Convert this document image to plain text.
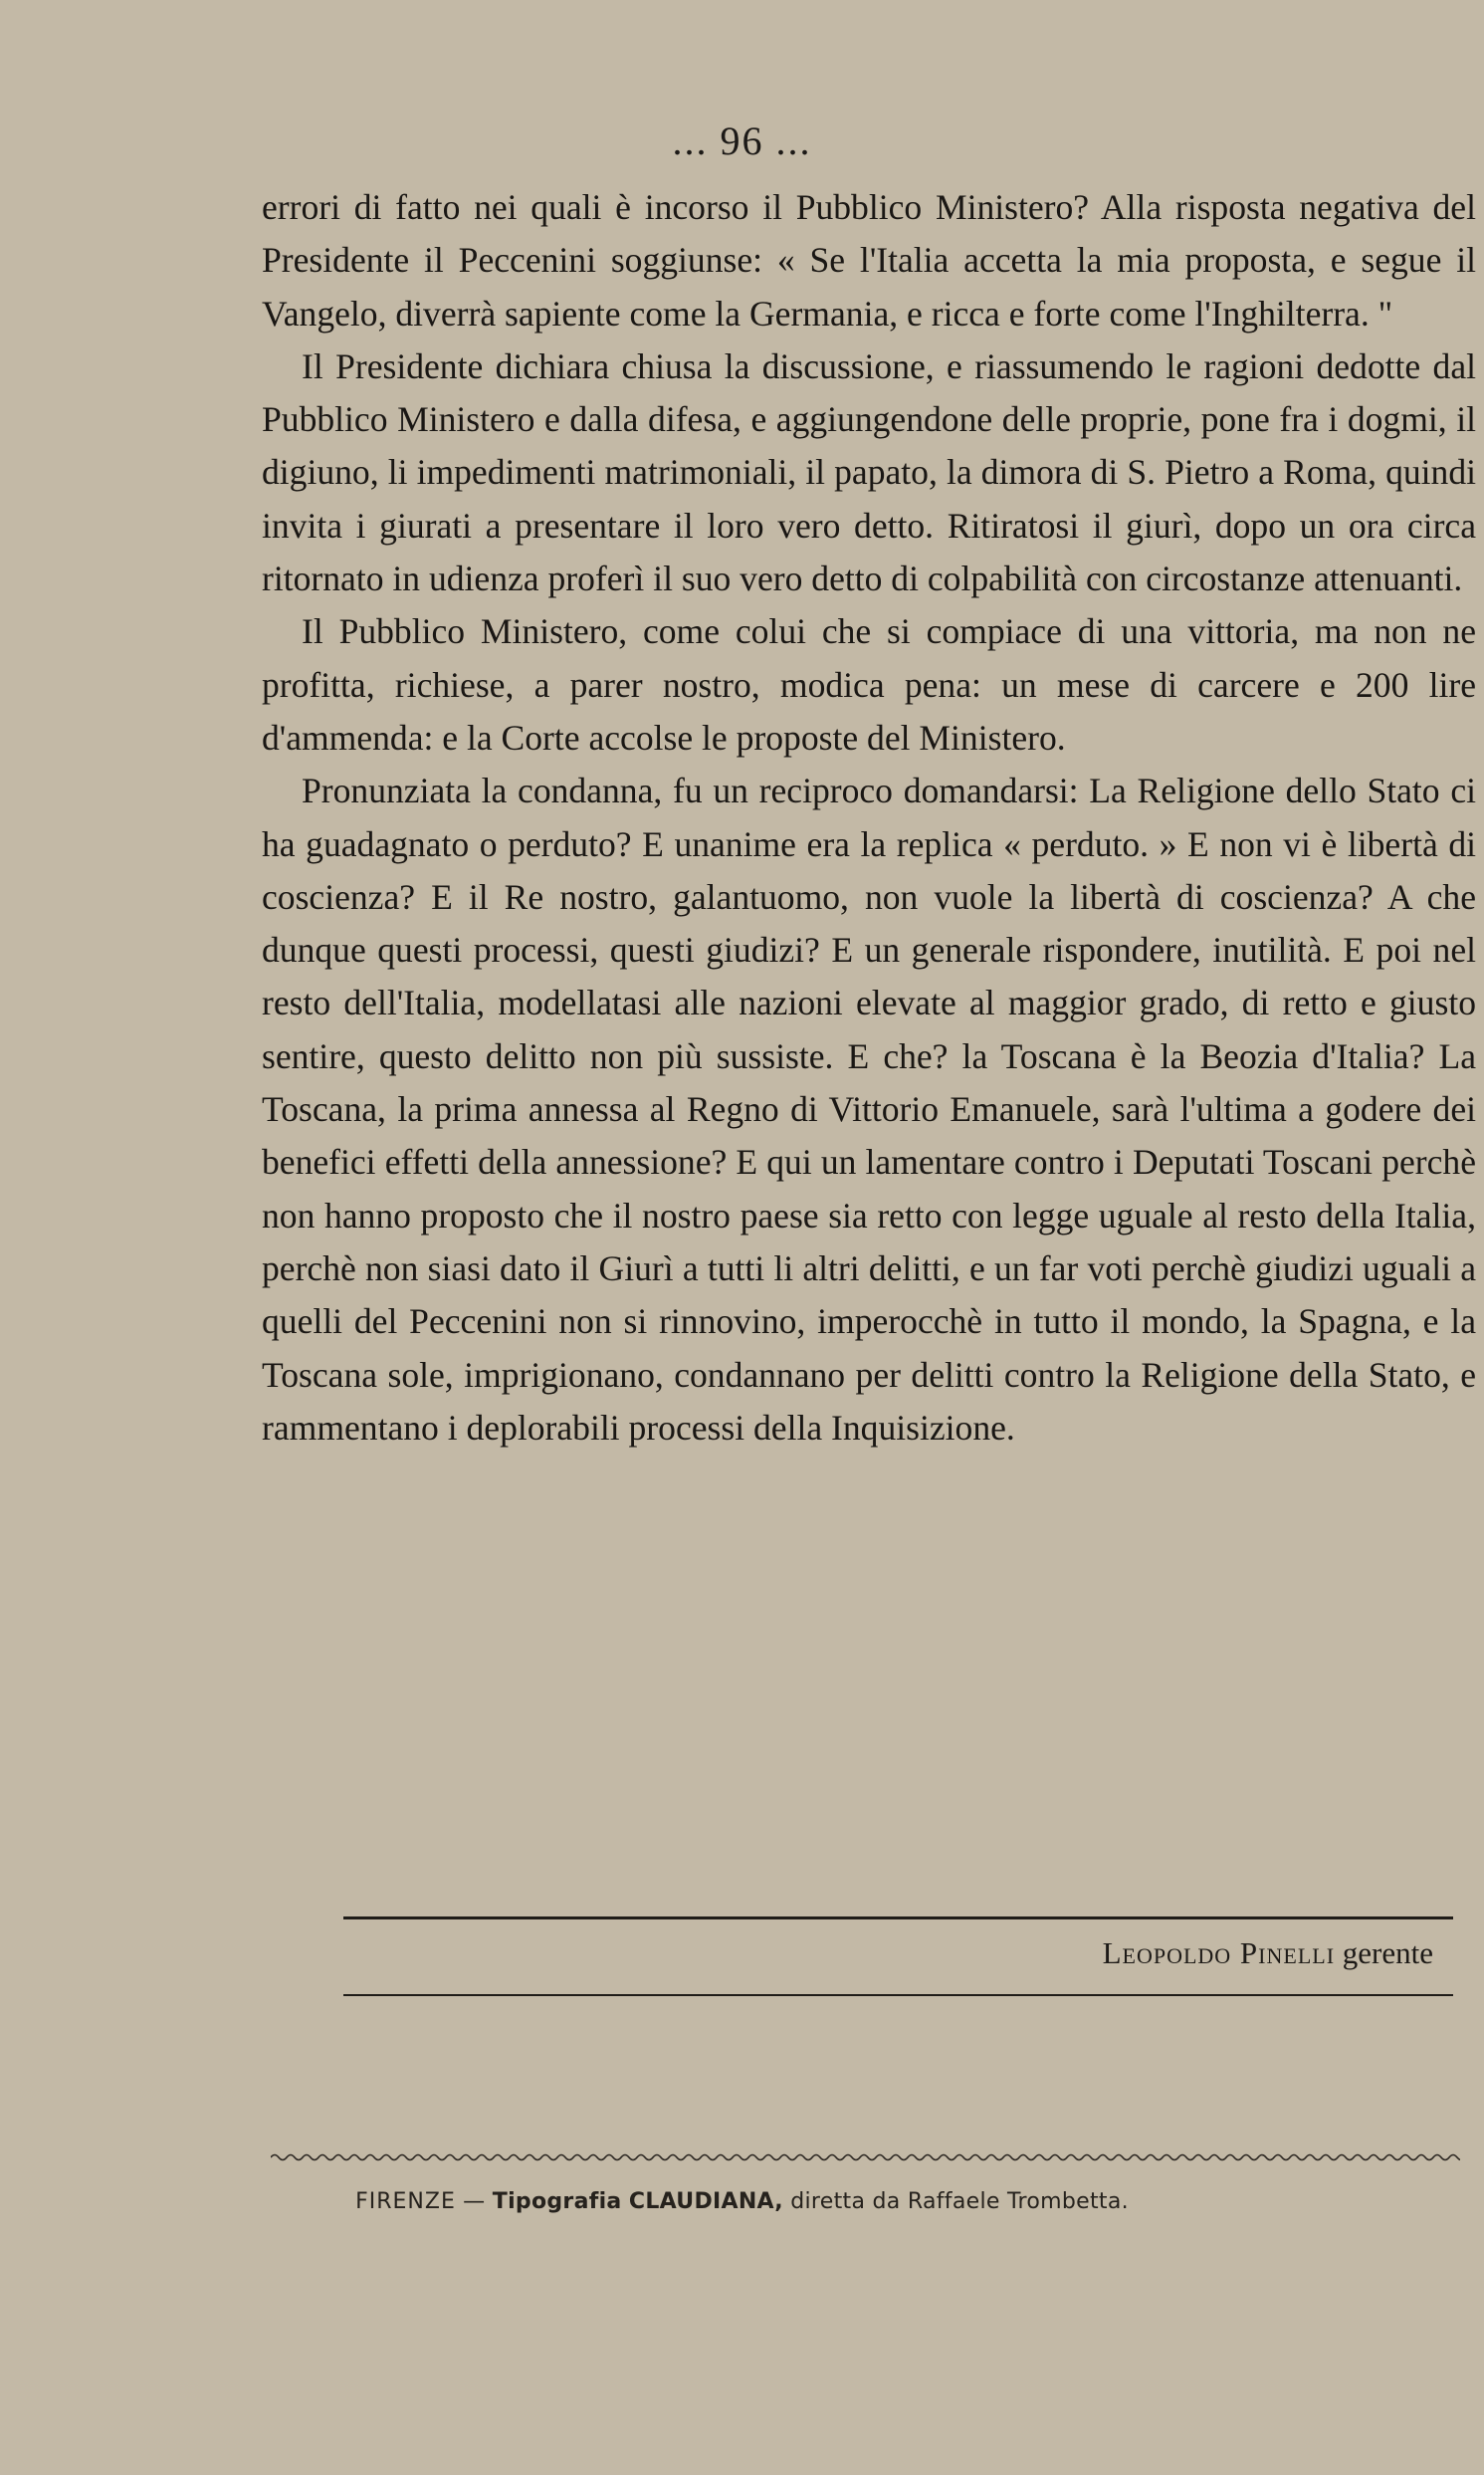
... 96 ...

errori di fatto nei quali è incorso il Pubblico Ministero? Alla risposta negativa del Presidente il Peccenini soggiunse: « Se l'Italia accetta la mia proposta, e segue il Vangelo, diverrà sapiente come la Germania, e ricca e forte come l'Inghilterra. "

Il Presidente dichiara chiusa la discussione, e riassumendo le ragioni dedotte dal Pubblico Ministero e dalla difesa, e aggiungendone delle proprie, pone fra i dogmi, il digiuno, li impedimenti matrimoniali, il papato, la dimora di S. Pietro a Roma, quindi invita i giurati a presentare il loro vero detto. Ritiratosi il giurì, dopo un ora circa ritornato in udienza proferì il suo vero detto di colpabilità con circostanze attenuanti.

Il Pubblico Ministero, come colui che si compiace di una vittoria, ma non ne profitta, richiese, a parer nostro, modica pena: un mese di carcere e 200 lire d'ammenda: e la Corte accolse le proposte del Ministero.

Pronunziata la condanna, fu un reciproco domandarsi: La Religione dello Stato ci ha guadagnato o perduto? E unanime era la replica « perduto. » E non vi è libertà di coscienza? E il Re nostro, galantuomo, non vuole la libertà di coscienza? A che dunque questi processi, questi giudizi? E un generale rispondere, inutilità. E poi nel resto dell'Italia, modellatasi alle nazioni elevate al maggior grado, di retto e giusto sentire, questo delitto non più sussiste. E che? la Toscana è la Beozia d'Italia? La Toscana, la prima annessa al Regno di Vittorio Emanuele, sarà l'ultima a godere dei benefici effetti della annessione? E qui un lamentare contro i Deputati Toscani perchè non hanno proposto che il nostro paese sia retto con legge uguale al resto della Italia, perchè non siasi dato il Giurì a tutti li altri delitti, e un far voti perchè giudizi uguali a quelli del Peccenini non si rinnovino, imperocchè in tutto il mondo, la Spagna, e la Toscana sole, imprigionano, condannano per delitti contro la Religione della Stato, e rammentano i deplorabili processi della Inquisizione.

Leopoldo Pinelli gerente
FIRENZE — Tipografia CLAUDIANA, diretta da Raffaele Trombetta.
